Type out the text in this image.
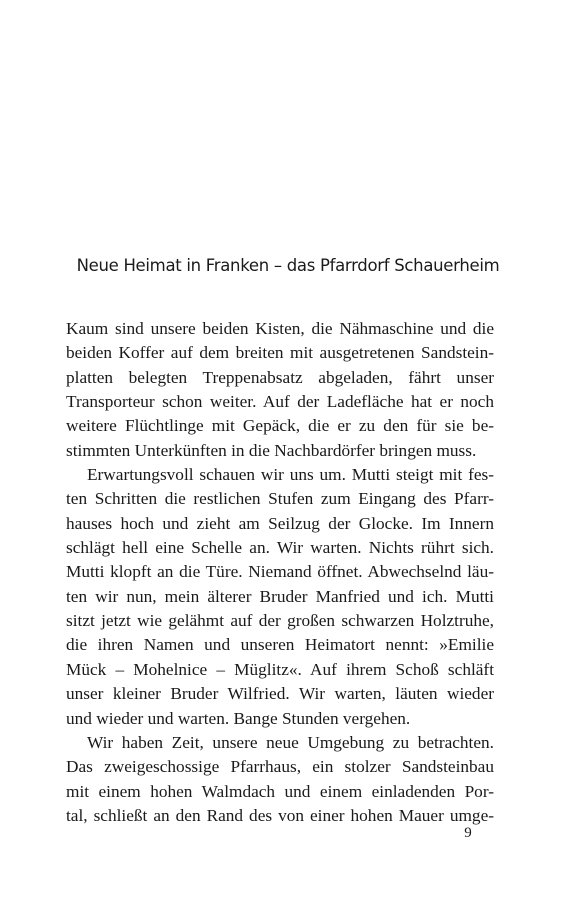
Neue Heimat in Franken – das Pfarrdorf Schauerheim
Kaum sind unsere beiden Kisten, die Nähmaschine und die
beiden Koffer auf dem breiten mit ausgetretenen Sandstein-
platten belegten Treppenabsatz abgeladen, fährt unser
Transporteur schon weiter. Auf der Ladefläche hat er noch
weitere Flüchtlinge mit Gepäck, die er zu den für sie be-
stimmten Unterkünften in die Nachbardörfer bringen muss.
Erwartungsvoll schauen wir uns um. Mutti steigt mit fes-
ten Schritten die restlichen Stufen zum Eingang des Pfarr-
hauses hoch und zieht am Seilzug der Glocke. Im Innern
schlägt hell eine Schelle an. Wir warten. Nichts rührt sich.
Mutti klopft an die Türe. Niemand öffnet. Abwechselnd läu-
ten wir nun, mein älterer Bruder Manfried und ich. Mutti
sitzt jetzt wie gelähmt auf der großen schwarzen Holztruhe,
die ihren Namen und unseren Heimatort nennt: »Emilie
Mück – Mohelnice – Müglitz«. Auf ihrem Schoß schläft
unser kleiner Bruder Wilfried. Wir warten, läuten wieder
und wieder und warten. Bange Stunden vergehen.
Wir haben Zeit, unsere neue Umgebung zu betrachten.
Das zweigeschossige Pfarrhaus, ein stolzer Sandsteinbau
mit einem hohen Walmdach und einem einladenden Por-
tal, schließt an den Rand des von einer hohen Mauer umge-
9
